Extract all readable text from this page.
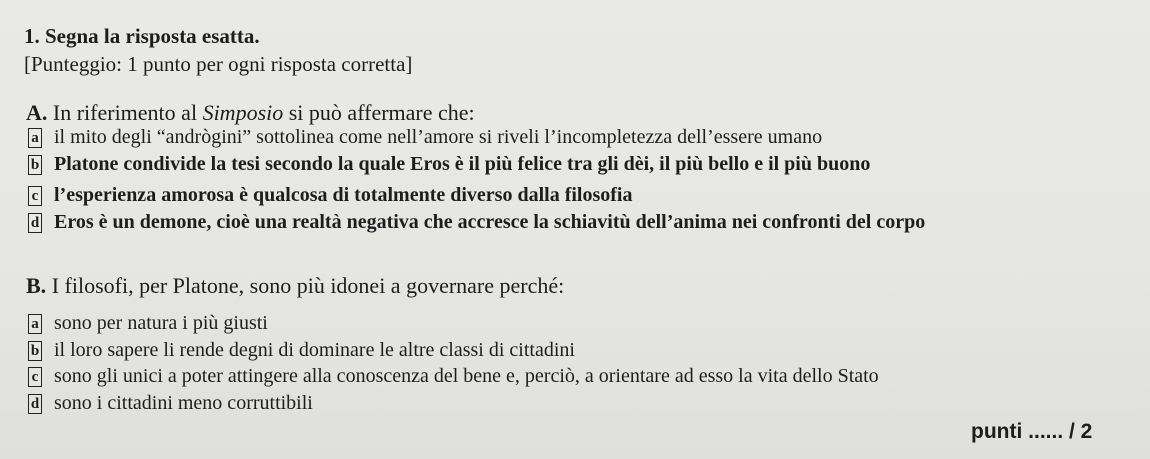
1. Segna la risposta esatta.
[Punteggio: 1 punto per ogni risposta corretta]
A. In riferimento al Simposio si può affermare che:
a il mito degli “andrògini” sottolinea come nell’amore si riveli l’incompletezza dell’essere umano
b Platone condivide la tesi secondo la quale Eros è il più felice tra gli dèi, il più bello e il più buono
c l’esperienza amorosa è qualcosa di totalmente diverso dalla filosofia
d Eros è un demone, cioè una realtà negativa che accresce la schiavitù dell’anima nei confronti del corpo
B. I filosofi, per Platone, sono più idonei a governare perché:
a sono per natura i più giusti
b il loro sapere li rende degni di dominare le altre classi di cittadini
c sono gli unici a poter attingere alla conoscenza del bene e, perciò, a orientare ad esso la vita dello Stato
d sono i cittadini meno corruttibili
punti ...... / 2
